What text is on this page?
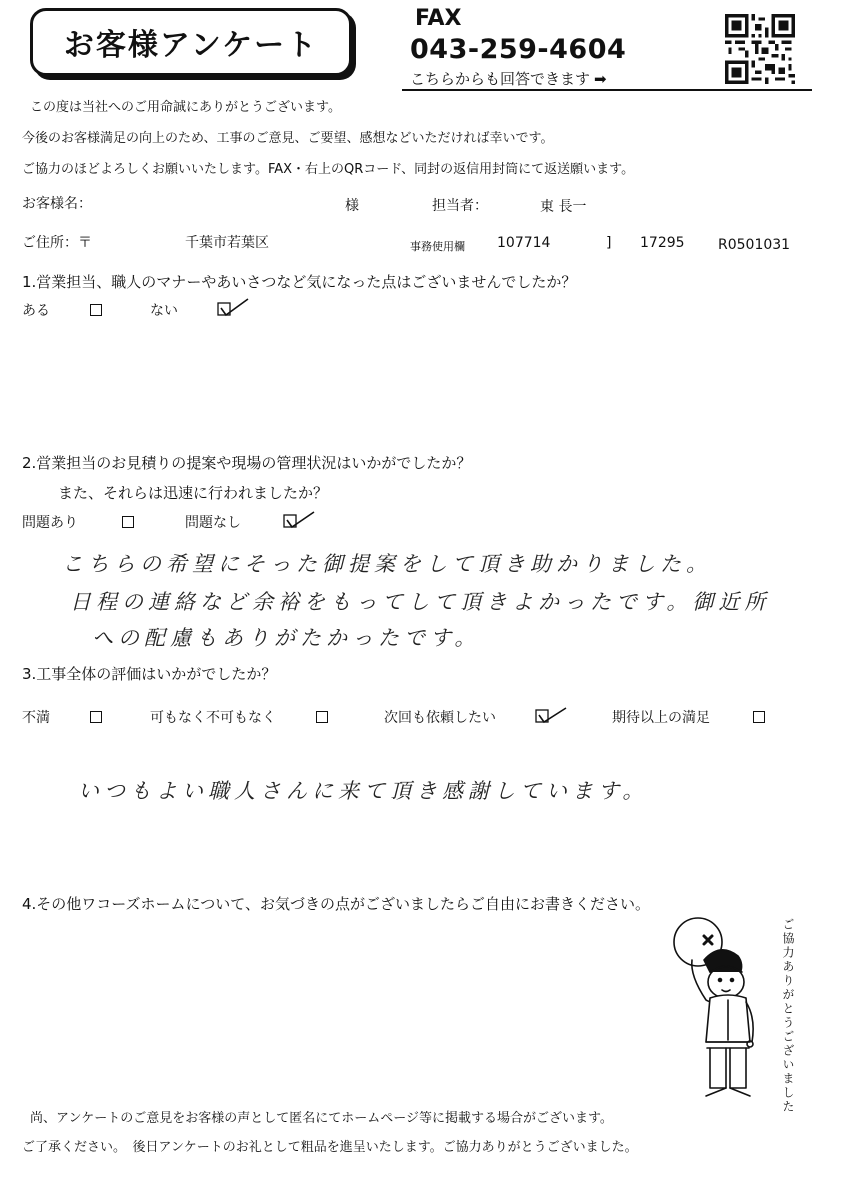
お客様アンケート
FAX
043-259-4604
こちらからも回答できます ➡
この度は当社へのご用命誠にありがとうございます。
今後のお客様満足の向上のため、工事のご意見、ご要望、感想などいただければ幸いです。
ご協力のほどよろしくお願いいたします。FAX・右上のQRコード、同封の返信用封筒にて返送願います。
お客様名：	様	担当者：	東 長一
ご住所：〒	千葉市若葉区	事務使用欄 107714	] 17295 R0501031
1.営業担当、職人のマナーやあいさつなど気になった点はございませんでしたか？
ある	ない
2.営業担当のお見積りの提案や現場の管理状況はいかがでしたか？
また、それらは迅速に行われましたか？
問題あり	問題なし
こちらの希望にそった御提案をして頂き助かりました。
日程の連絡など余裕をもってして頂きよかったです。御近所
への配慮もありがたかったです。
3.工事全体の評価はいかがでしたか？
不満	可もなく不可もなく	次回も依頼したい	期待以上の満足
いつもよい職人さんに来て頂き感謝しています。
4.その他ワコーズホームについて、お気づきの点がございましたらご自由にお書きください。
ご協力ありがとうございました
尚、アンケートのご意見をお客様の声として匿名にてホームページ等に掲載する場合がございます。
ご了承ください。　後日アンケートのお礼として粗品を進呈いたします。ご協力ありがとうございました。
